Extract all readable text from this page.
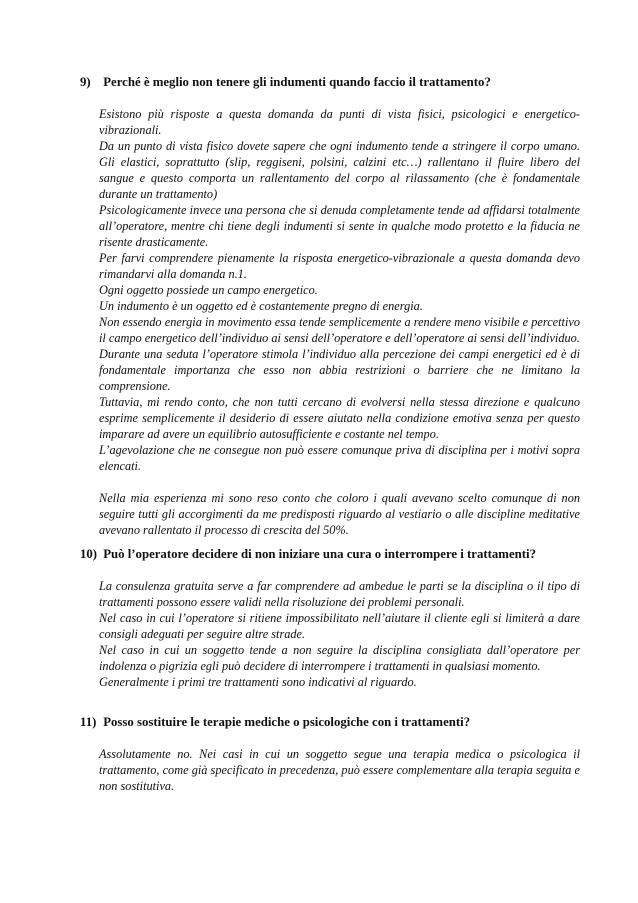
9) Perché è meglio non tenere gli indumenti quando faccio il trattamento?

Esistono più risposte a questa domanda da punti di vista fisici, psicologici e energetico-vibrazionali.

Da un punto di vista fisico dovete sapere che ogni indumento tende a stringere il corpo umano. Gli elastici, soprattutto (slip, reggiseni, polsini, calzini etc…) rallentano il fluire libero del sangue e questo comporta un rallentamento del corpo al rilassamento (che è fondamentale durante un trattamento)

Psicologicamente invece una persona che si denuda completamente tende ad affidarsi totalmente all’operatore, mentre chi tiene degli indumenti si sente in qualche modo protetto e la fiducia ne risente drasticamente.

Per farvi comprendere pienamente la risposta energetico-vibrazionale a questa domanda devo rimandarvi alla domanda n.1.

Ogni oggetto possiede un campo energetico.

Un indumento è un oggetto ed è costantemente pregno di energia.

Non essendo energia in movimento essa tende semplicemente a rendere meno visibile e percettivo il campo energetico dell’individuo ai sensi dell’operatore e dell’operatore ai sensi dell’individuo.

Durante una seduta l’operatore stimola l’individuo alla percezione dei campi energetici ed è di fondamentale importanza che esso non abbia restrizioni o barriere che ne limitano la comprensione.

Tuttavia, mi rendo conto, che non tutti cercano di evolversi nella stessa direzione e qualcuno esprime semplicemente il desiderio di essere aiutato nella condizione emotiva senza per questo imparare ad avere un equilibrio autosufficiente e costante nel tempo.

L’agevolazione che ne consegue non può essere comunque priva di disciplina per i motivi sopra elencati.

Nella mia esperienza mi sono reso conto che coloro i quali avevano scelto comunque di non seguire tutti gli accorgimenti da me predisposti riguardo al vestiario o alle discipline meditative avevano rallentato il processo di crescita del 50%.

10) Può l’operatore decidere di non iniziare una cura o interrompere i trattamenti?

La consulenza gratuita serve a far comprendere ad ambedue le parti se la disciplina o il tipo di trattamenti possono essere validi nella risoluzione dei problemi personali.

Nel caso in cui l’operatore si ritiene impossibilitato nell’aiutare il cliente egli si limiterà a dare consigli adeguati per seguire altre strade.

Nel caso in cui un soggetto tende a non seguire la disciplina consigliata dall’operatore per indolenza o pigrizia egli può decidere di interrompere i trattamenti in qualsiasi momento.

Generalmente i primi tre trattamenti sono indicativi al riguardo.

11) Posso sostituire le terapie mediche o psicologiche con i trattamenti?

Assolutamente no. Nei casi in cui un soggetto segue una terapia medica o psicologica il trattamento, come già specificato in precedenza, può essere complementare alla terapia seguita e non sostitutiva.
